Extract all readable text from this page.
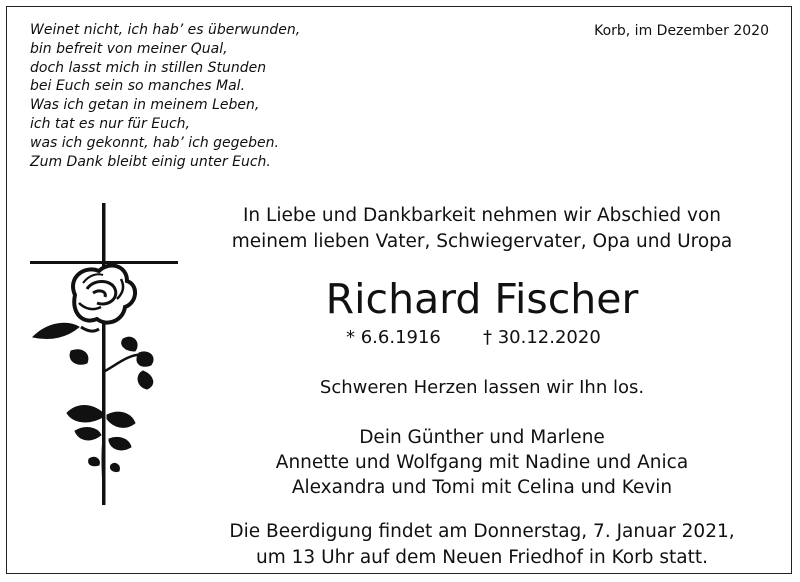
Weinet nicht, ich hab’ es überwunden,
bin befreit von meiner Qual,
doch lasst mich in stillen Stunden
bei Euch sein so manches Mal.
Was ich getan in meinem Leben,
ich tat es nur für Euch,
was ich gekonnt, hab’ ich gegeben.
Zum Dank bleibt einig unter Euch.
Korb, im Dezember 2020
In Liebe und Dankbarkeit nehmen wir Abschied von
meinem lieben Vater, Schwiegervater, Opa und Uropa
Richard Fischer
* 6.6.1916 † 30.12.2020
Schweren Herzen lassen wir Ihn los.
Dein Günther und Marlene
Annette und Wolfgang mit Nadine und Anica
Alexandra und Tomi mit Celina und Kevin
Die Beerdigung findet am Donnerstag, 7. Januar 2021,
um 13 Uhr auf dem Neuen Friedhof in Korb statt.
